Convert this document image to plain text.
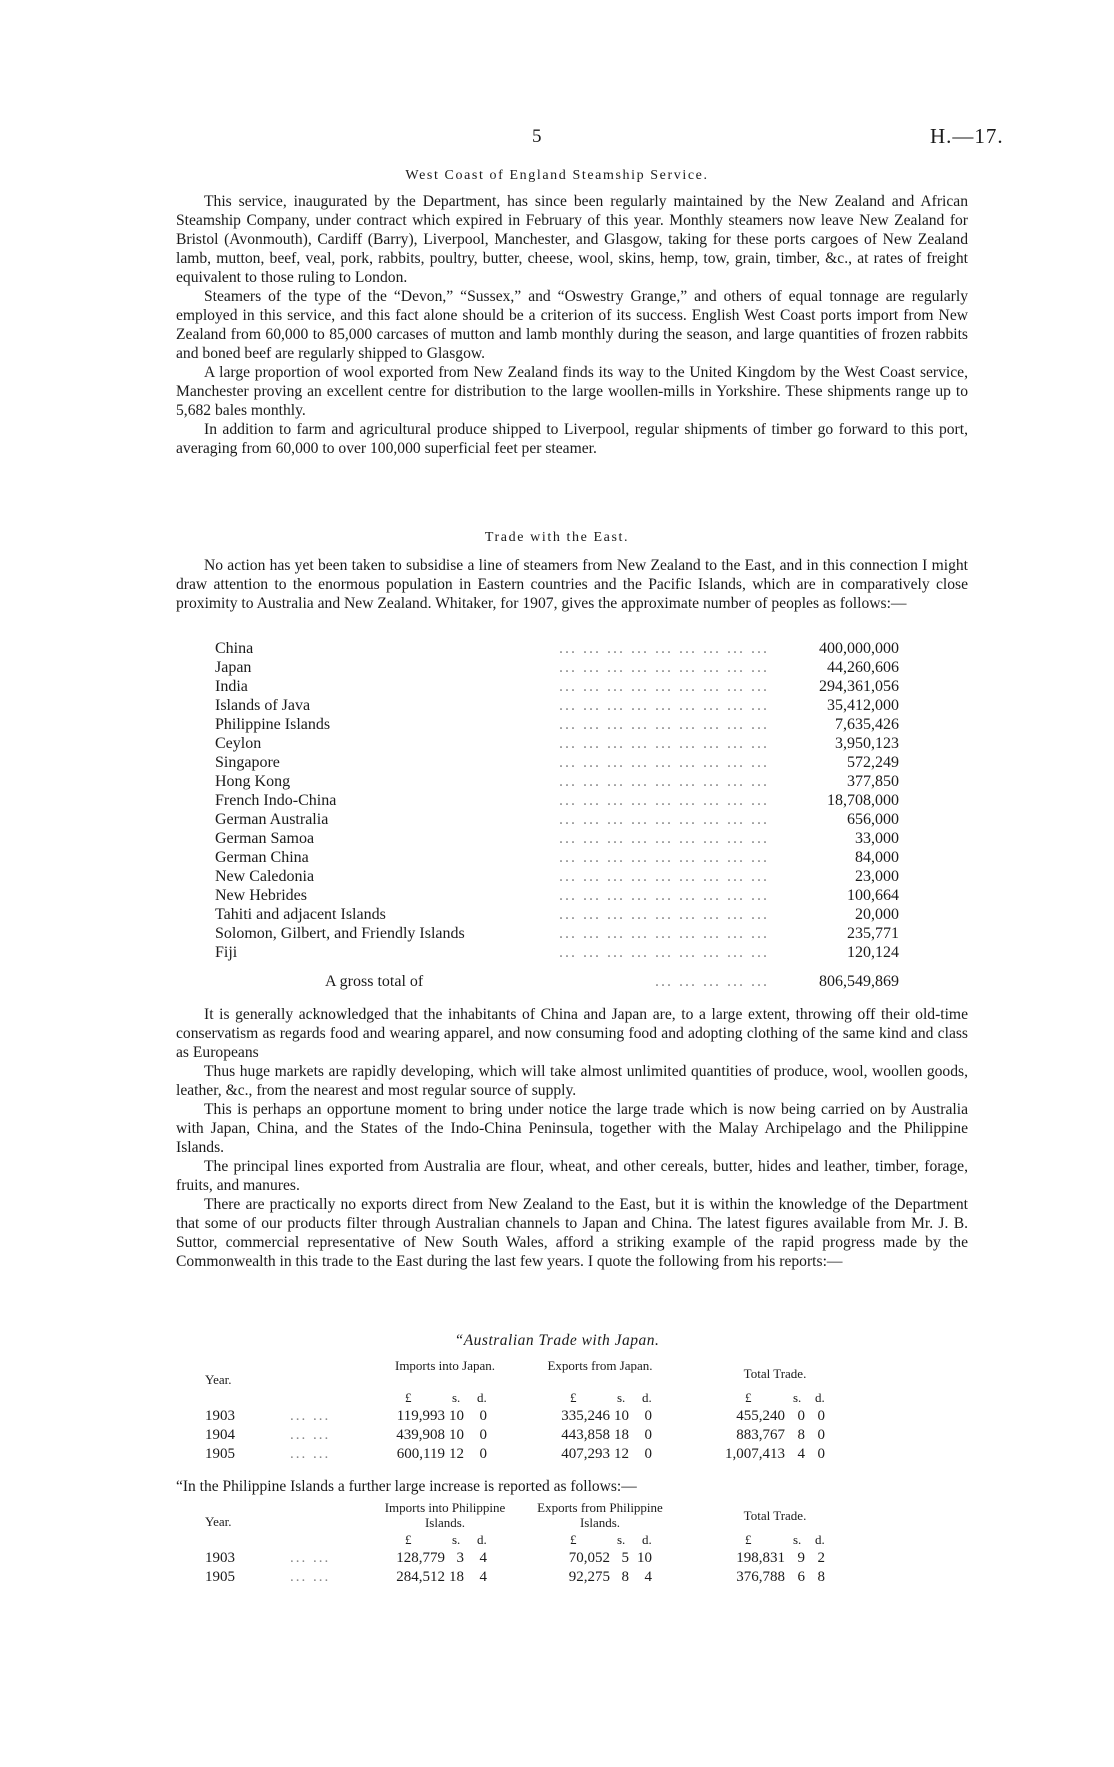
5	H.—17.
West Coast of England Steamship Service.

This service, inaugurated by the Department, has since been regularly maintained by the New Zealand and African Steamship Company, under contract which expired in February of this year. Monthly steamers now leave New Zealand for Bristol (Avonmouth), Cardiff (Barry), Liverpool, Manchester, and Glasgow, taking for these ports cargoes of New Zealand lamb, mutton, beef, veal, pork, rabbits, poultry, butter, cheese, wool, skins, hemp, tow, grain, timber, &c., at rates of freight equivalent to those ruling to London.

Steamers of the type of the “Devon,” “Sussex,” and “Oswestry Grange,” and others of equal tonnage are regularly employed in this service, and this fact alone should be a criterion of its success. English West Coast ports import from New Zealand from 60,000 to 85,000 carcases of mutton and lamb monthly during the season, and large quantities of frozen rabbits and boned beef are regularly shipped to Glasgow.

A large proportion of wool exported from New Zealand finds its way to the United Kingdom by the West Coast service, Manchester proving an excellent centre for distribution to the large woollen-mills in Yorkshire. These shipments range up to 5,682 bales monthly.

In addition to farm and agricultural produce shipped to Liverpool, regular shipments of timber go forward to this port, averaging from 60,000 to over 100,000 superficial feet per steamer.

Trade with the East.

No action has yet been taken to subsidise a line of steamers from New Zealand to the East, and in this connection I might draw attention to the enormous population in Eastern countries and the Pacific Islands, which are in comparatively close proximity to Australia and New Zealand. Whitaker, for 1907, gives the approximate number of peoples as follows:—

China	... ... ... ... ... ... ... ... ...	400,000,000
Japan	... ... ... ... ... ... ... ... ...	44,260,606
India	... ... ... ... ... ... ... ... ...	294,361,056
Islands of Java	... ... ... ... ... ... ... ... ...	35,412,000
Philippine Islands	... ... ... ... ... ... ... ... ...	7,635,426
Ceylon	... ... ... ... ... ... ... ... ...	3,950,123
Singapore	... ... ... ... ... ... ... ... ...	572,249
Hong Kong	... ... ... ... ... ... ... ... ...	377,850
French Indo-China	... ... ... ... ... ... ... ... ...	18,708,000
German Australia	... ... ... ... ... ... ... ... ...	656,000
German Samoa	... ... ... ... ... ... ... ... ...	33,000
German China	... ... ... ... ... ... ... ... ...	84,000
New Caledonia	... ... ... ... ... ... ... ... ...	23,000
New Hebrides	... ... ... ... ... ... ... ... ...	100,664
Tahiti and adjacent Islands	... ... ... ... ... ... ... ... ...	20,000
Solomon, Gilbert, and Friendly Islands	... ... ... ... ... ... ... ... ...	235,771
Fiji	... ... ... ... ... ... ... ... ...	120,124
A gross total of	... ... ... ... ...	806,549,869

It is generally acknowledged that the inhabitants of China and Japan are, to a large extent, throwing off their old-time conservatism as regards food and wearing apparel, and now consuming food and adopting clothing of the same kind and class as Europeans

Thus huge markets are rapidly developing, which will take almost unlimited quantities of produce, wool, woollen goods, leather, &c., from the nearest and most regular source of supply.

This is perhaps an opportune moment to bring under notice the large trade which is now being carried on by Australia with Japan, China, and the States of the Indo-China Peninsula, together with the Malay Archipelago and the Philippine Islands.

The principal lines exported from Australia are flour, wheat, and other cereals, butter, hides and leather, timber, forage, fruits, and manures.

There are practically no exports direct from New Zealand to the East, but it is within the knowledge of the Department that some of our products filter through Australian channels to Japan and China. The latest figures available from Mr. J. B. Suttor, commercial representative of New South Wales, afford a striking example of the rapid progress made by the Commonwealth in this trade to the East during the last few years. I quote the following from his reports:—

“Australian Trade with Japan.
Year.
Imports into Japan.	Exports from Japan.
Total Trade.
£	s. d.	£	s. d.	£	s. d.
1903	... ...	119,993 10	0	335,246 10	0	455,240 0 0
1904	... ...	439,908 10	0	443,858 18	0	883,767 8 0
1905	... ...	600,119 12	0	407,293 12	0	1,007,413 4 0
“In the Philippine Islands a further large increase is reported as follows:—
Year.
Imports into Philippine Islands.
Exports from Philippine Islands.	Total Trade.
£	s. d.	£	s. d.	£	s. d.
1903	... ...	128,779 3	4	70,052 5 10	198,831 9 2
1905	... ...	284,512 18	4	92,275 8	4	376,788 6 8
